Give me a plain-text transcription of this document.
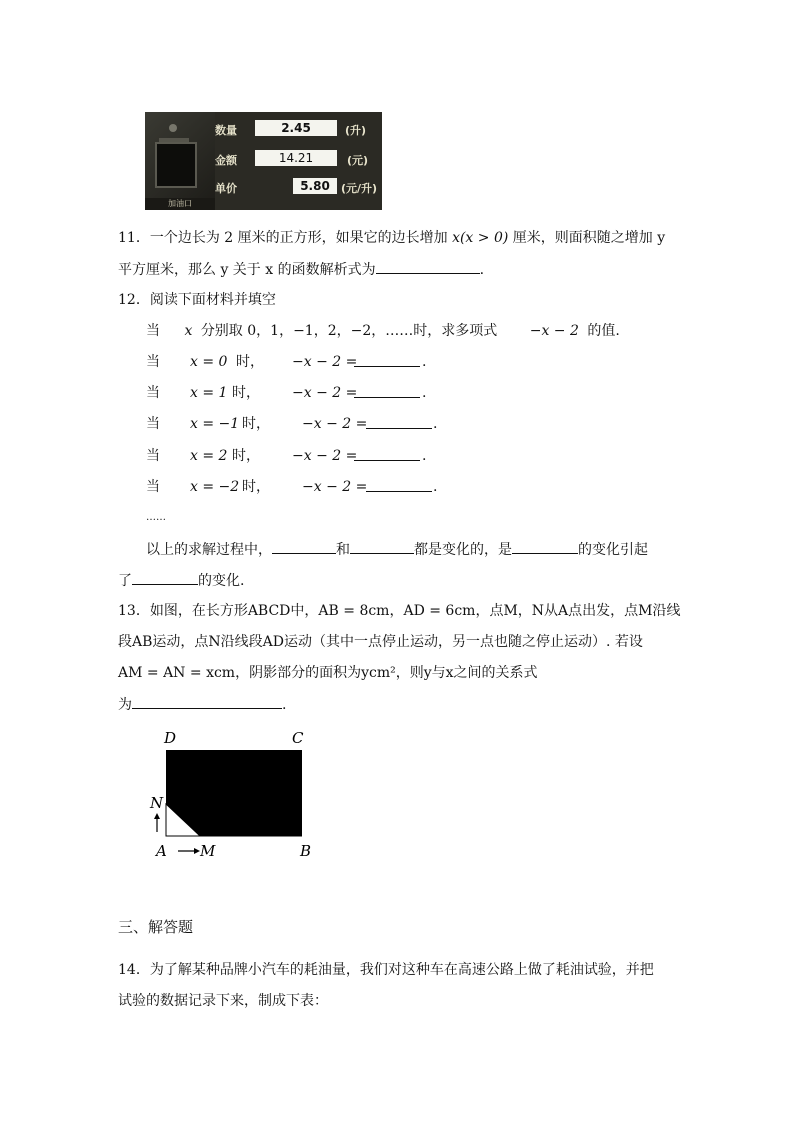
加油口
数量	2.45	(升)
金额	14.21	(元)
单价	5.80	(元/升)
11．一个边长为 2 厘米的正方形，如果它的边长增加 x(x > 0) 厘米，则面积随之增加 y
平方厘米，那么 y 关于 x 的函数解析式为	.
12．阅读下面材料并填空
当 x 分别取 0，1，−1，2，−2，……时，求多项式 −x − 2 的值.
当 x = 0 时， −x − 2 =	.
当 x = 1 时， −x − 2 =	.
当 x = −1 时， −x − 2 =	.
当 x = 2 时， −x − 2 =	.
当 x = −2 时， −x − 2 =	.
……
以上的求解过程中，	和	都是变化的，是	的变化引起
了	的变化.
13．如图，在长方形ABCD中，AB = 8cm，AD = 6cm，点M，N从A点出发，点M沿线
段AB运动，点N沿线段AD运动（其中一点停止运动，另一点也随之停止运动）. 若设
AM = AN = xcm，阴影部分的面积为ycm²，则y与x之间的关系式
为	.
D	C
N
A M	B
三、解答题
14．为了解某种品牌小汽车的耗油量，我们对这种车在高速公路上做了耗油试验，并把
试验的数据记录下来，制成下表：
